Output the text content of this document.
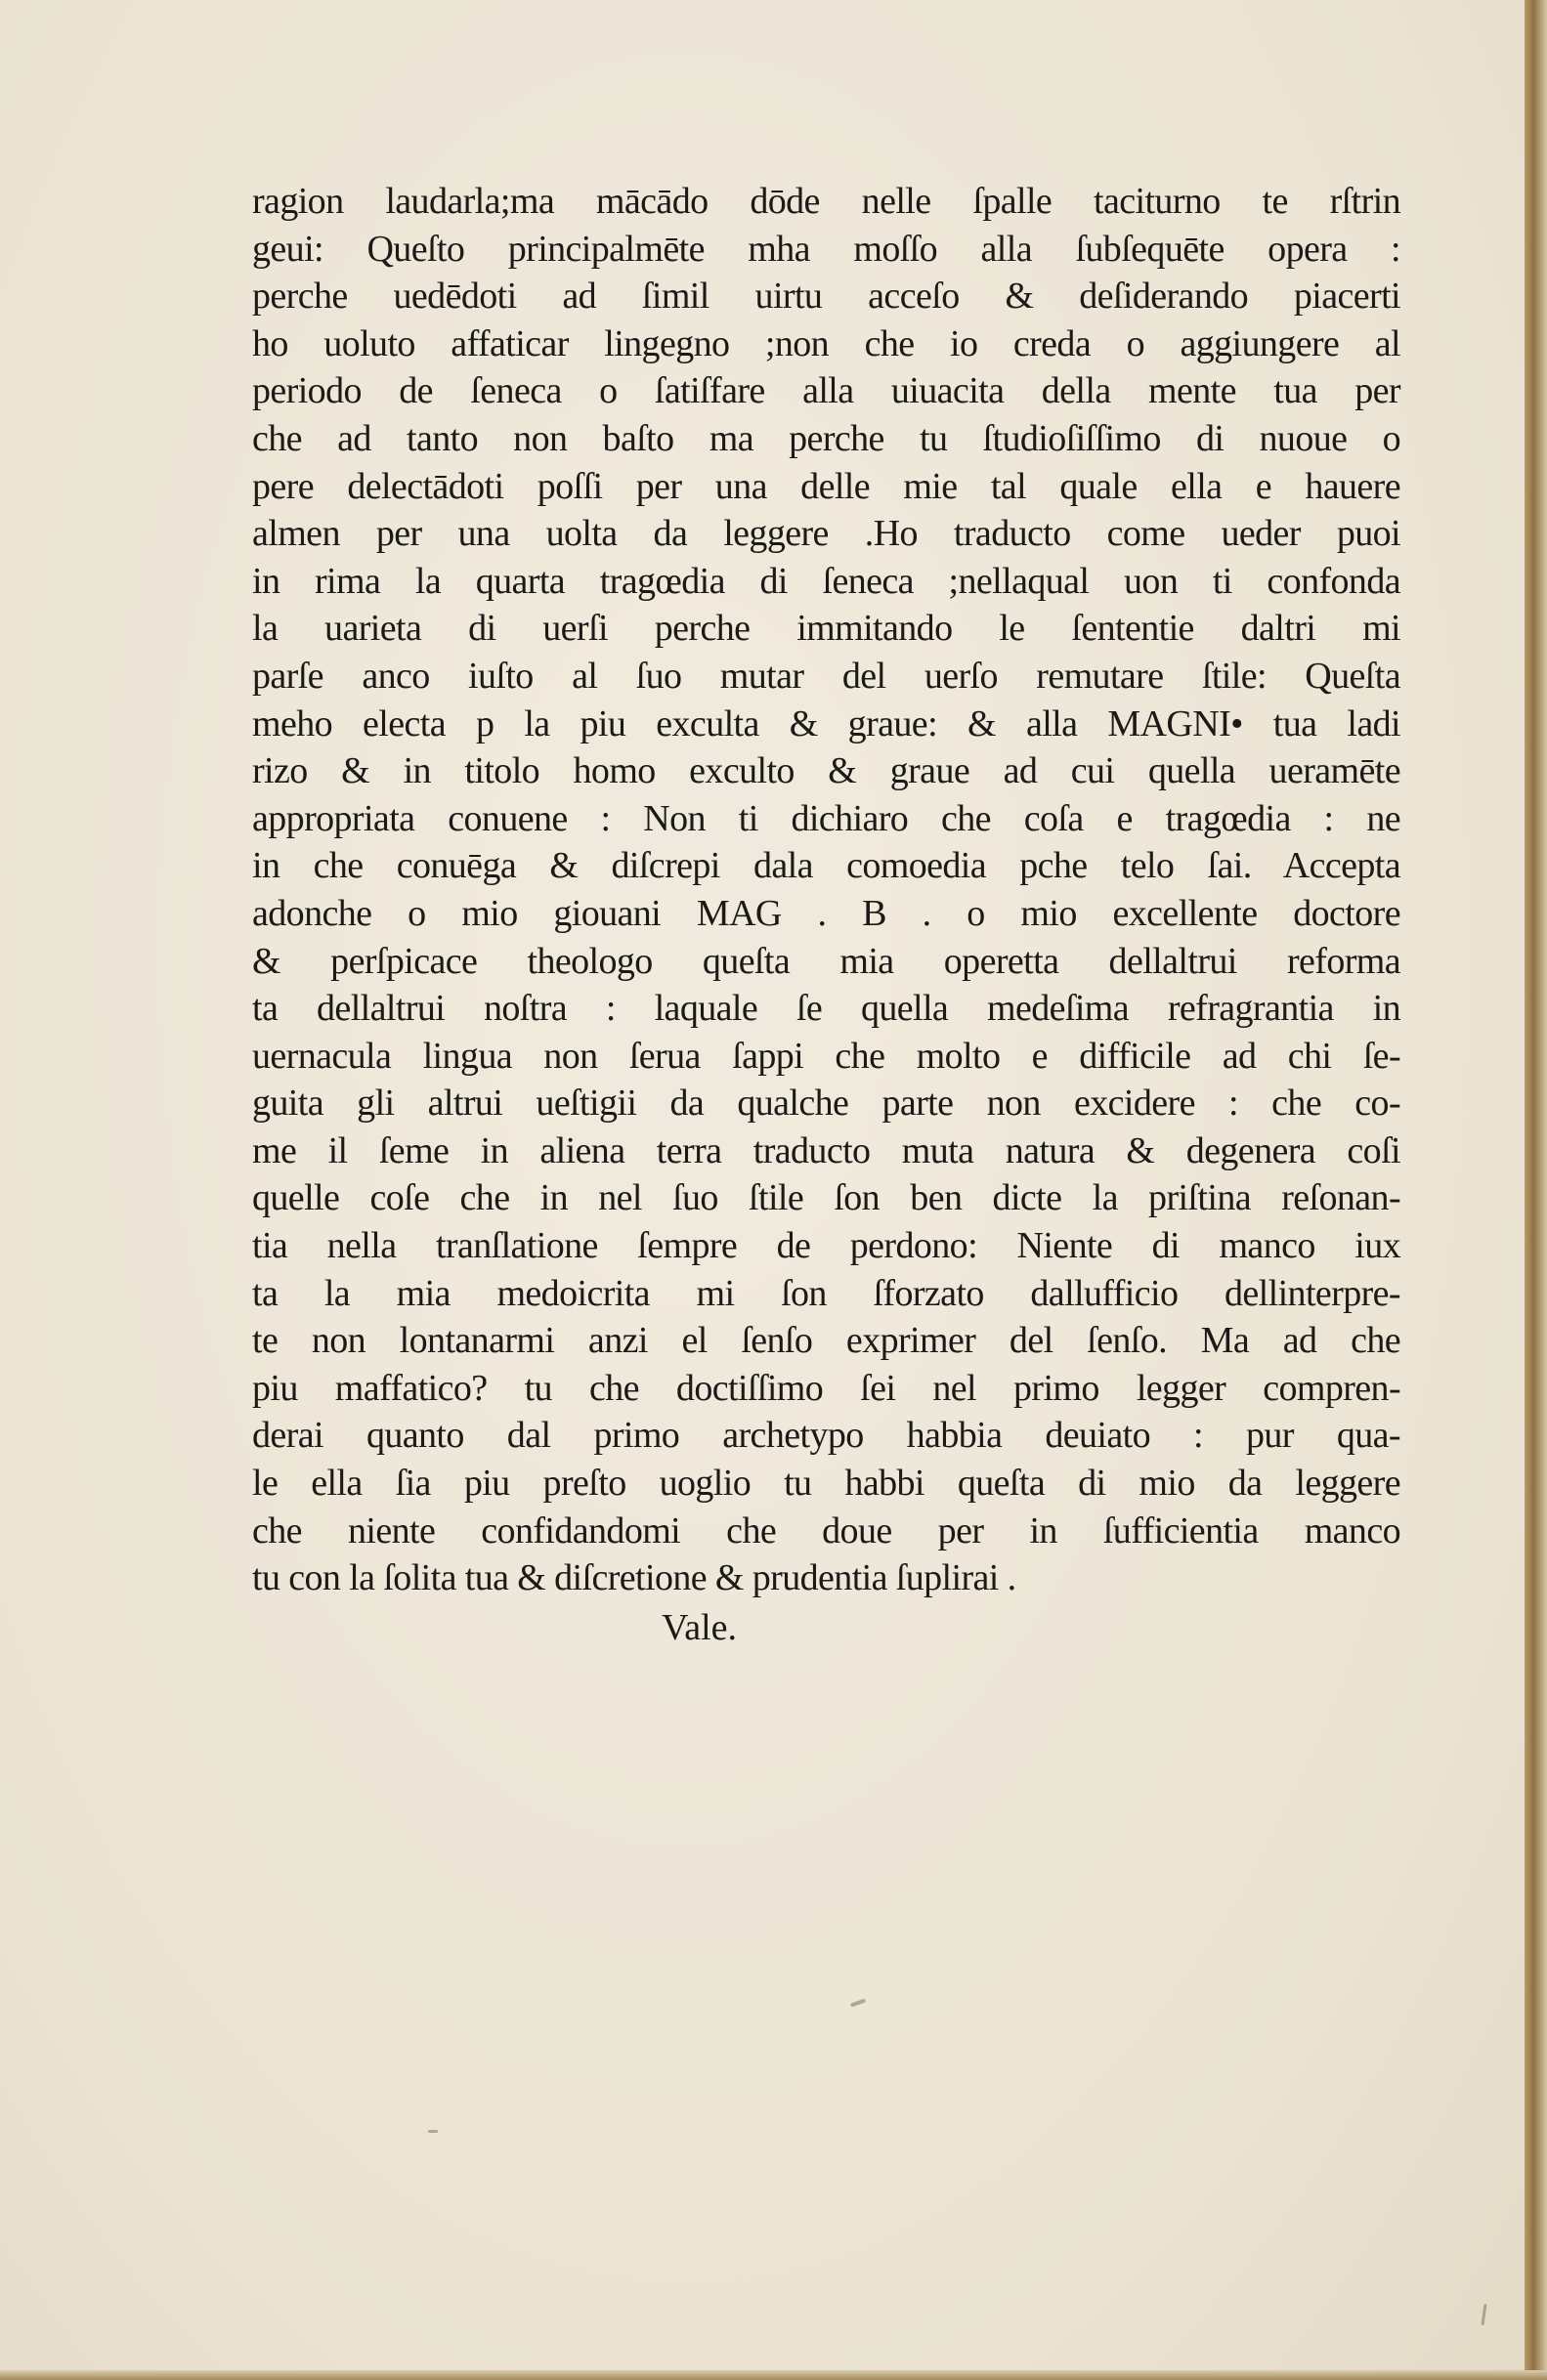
ragion laudarla;ma mācādo dōde nelle ſpalle taciturno te rſtrin
geui: Queſto principalmēte mha moſſo alla ſubſequēte opera :
perche uedēdoti ad ſimil uirtu acceſo & deſiderando piacerti
ho uoluto affaticar lingegno ;non che io creda o aggiungere al
periodo de ſeneca o ſatiſfare alla uiuacita della mente tua per
che ad tanto non baſto ma perche tu ſtudioſiſſimo di nuoue o
pere delectādoti poſſi per una delle mie tal quale ella e hauere
almen per una uolta da leggere .Ho traducto come ueder puoi
in rima la quarta tragœdia di ſeneca ;nellaqual uon ti confonda
la uarieta di uerſi perche immitando le ſententie daltri mi
parſe anco iuſto al ſuo mutar del uerſo remutare ſtile: Queſta
meho electa p la piu exculta & graue: & alla MAGNI• tua ladi
rizo & in titolo homo exculto & graue ad cui quella ueramēte
appropriata conuene : Non ti dichiaro che coſa e tragœdia : ne
in che conuēga & diſcrepi dala comoedia pche telo ſai. Accepta
adonche o mio giouani MAG . B . o mio excellente doctore
& perſpicace theologo queſta mia operetta dellaltrui reforma
ta dellaltrui noſtra : laquale ſe quella medeſima refragrantia in
uernacula lingua non ſerua ſappi che molto e difficile ad chi ſe-
guita gli altrui ueſtigii da qualche parte non excidere : che co-
me il ſeme in aliena terra traducto muta natura & degenera coſi
quelle coſe che in nel ſuo ſtile ſon ben dicte la priſtina reſonan-
tia nella tranſlatione ſempre de perdono: Niente di manco iux
ta la mia medoicrita mi ſon ſforzato dallufficio dellinterpre-
te non lontanarmi anzi el ſenſo exprimer del ſenſo. Ma ad che
piu maffatico? tu che doctiſſimo ſei nel primo legger compren-
derai quanto dal primo archetypo habbia deuiato : pur qua-
le ella ſia piu preſto uoglio tu habbi queſta di mio da leggere
che niente confidandomi che doue per in ſufficientia manco
tu con la ſolita tua & diſcretione & prudentia ſuplirai .
Vale.
